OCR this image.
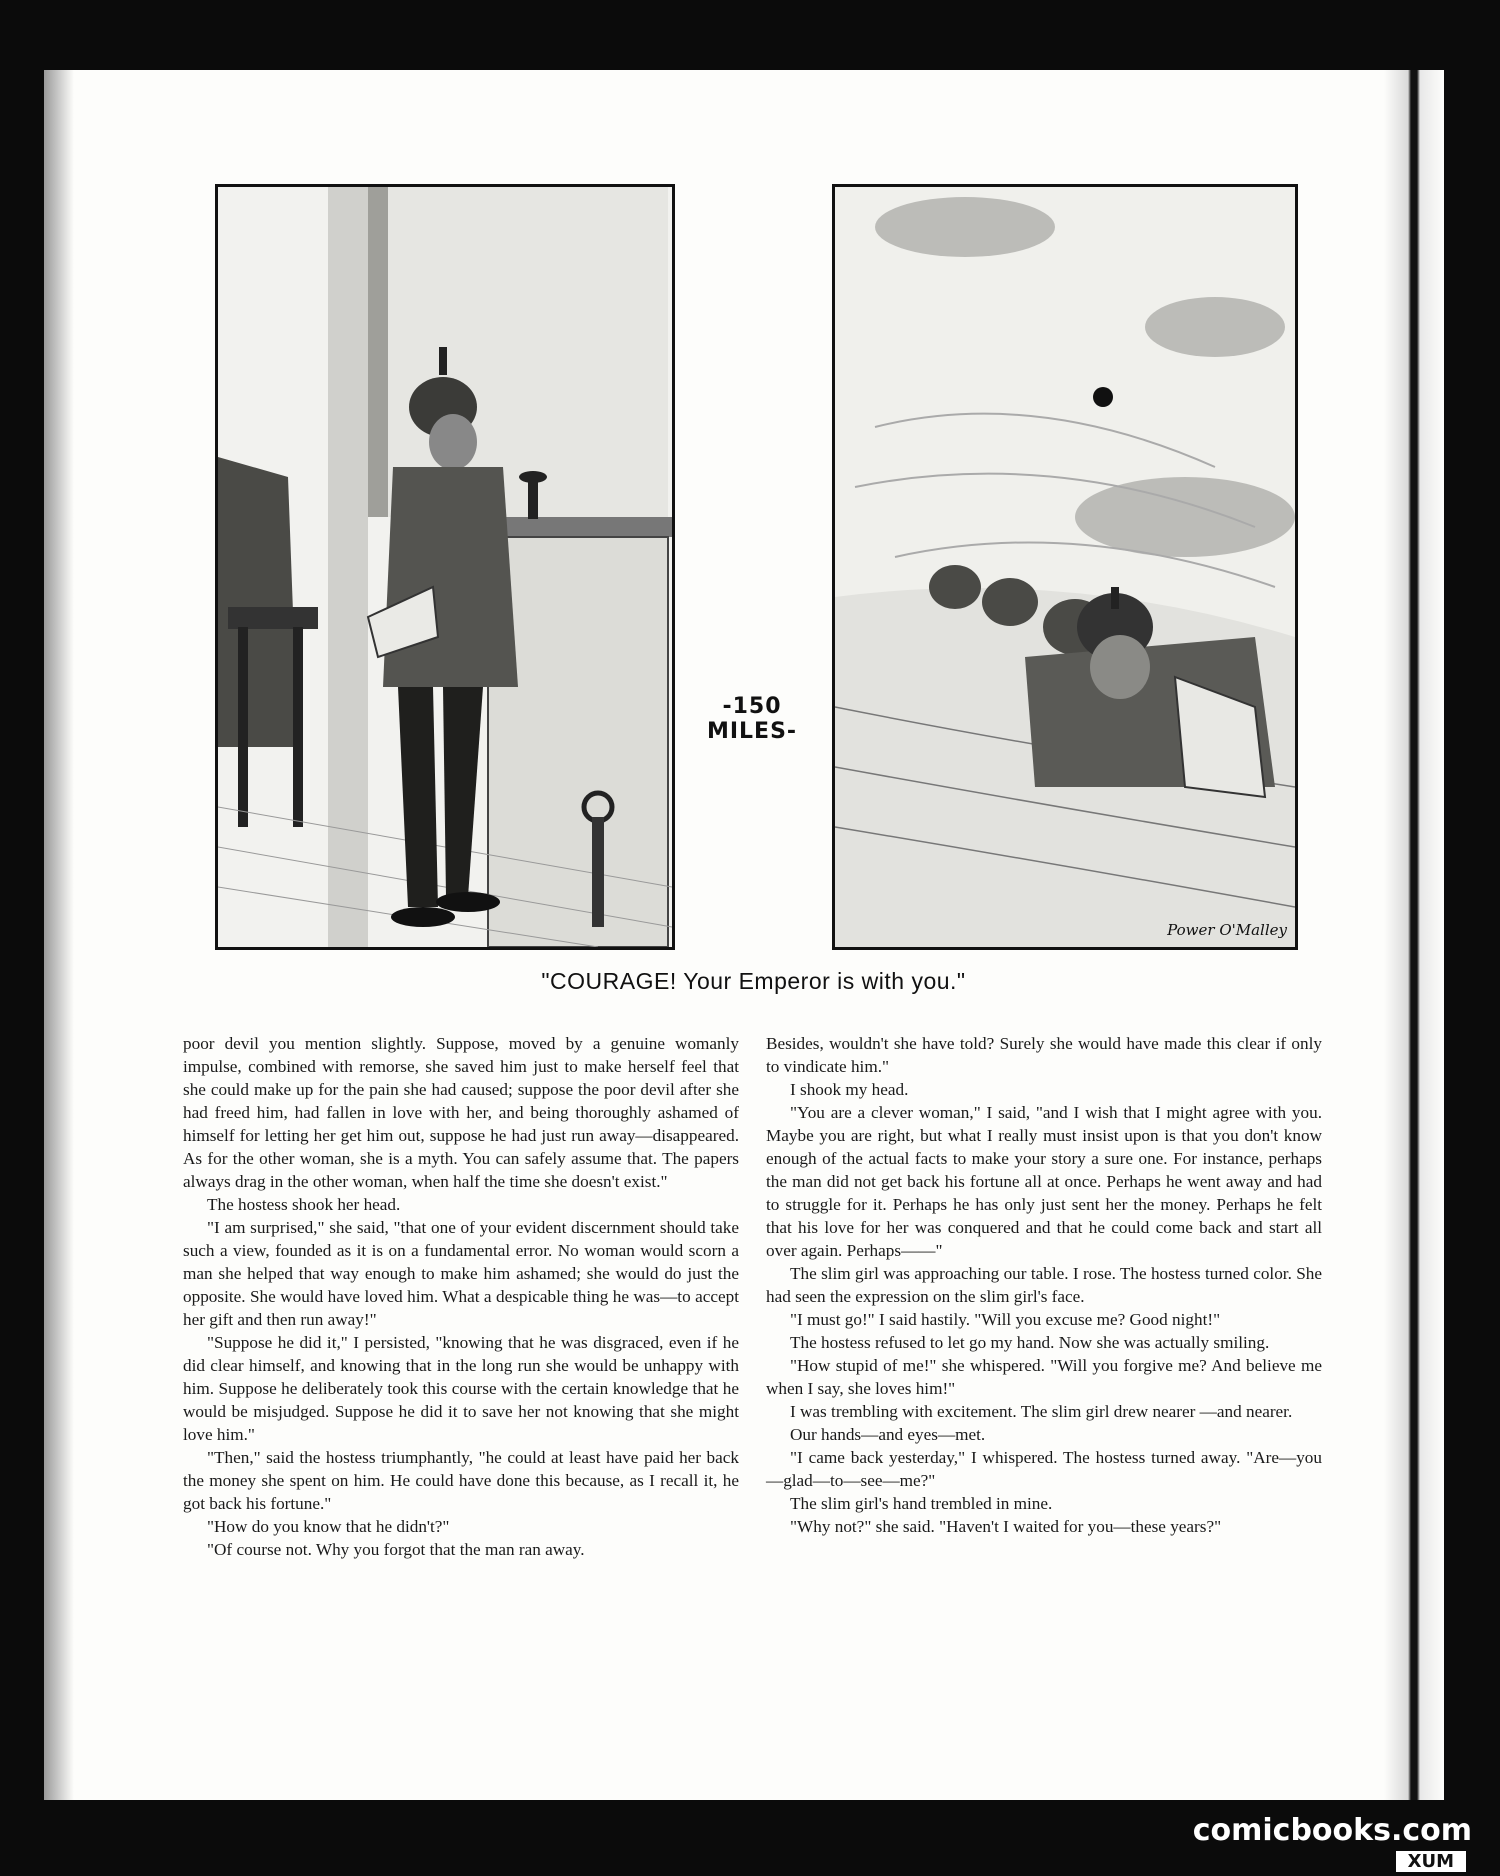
-150 MILES-
Power O'Malley
"COURAGE! Your Emperor is with you."

poor devil you mention slightly. Suppose, moved by a genuine womanly impulse, combined with remorse, she saved him just to make herself feel that she could make up for the pain she had caused; suppose the poor devil after she had freed him, had fallen in love with her, and being thoroughly ashamed of himself for letting her get him out, suppose he had just run away—disappeared. As for the other woman, she is a myth. You can safely assume that. The papers always drag in the other woman, when half the time she doesn't exist."

The hostess shook her head.

"I am surprised," she said, "that one of your evident discernment should take such a view, founded as it is on a fundamental error. No woman would scorn a man she helped that way enough to make him ashamed; she would do just the opposite. She would have loved him. What a despicable thing he was—to accept her gift and then run away!"

"Suppose he did it," I persisted, "knowing that he was disgraced, even if he did clear himself, and knowing that in the long run she would be unhappy with him. Suppose he deliberately took this course with the certain knowledge that he would be misjudged. Suppose he did it to save her not knowing that she might love him."

"Then," said the hostess triumphantly, "he could at least have paid her back the money she spent on him. He could have done this because, as I recall it, he got back his fortune."

"How do you know that he didn't?"

"Of course not. Why you forgot that the man ran away.

Besides, wouldn't she have told? Surely she would have made this clear if only to vindicate him."

I shook my head.

"You are a clever woman," I said, "and I wish that I might agree with you. Maybe you are right, but what I really must insist upon is that you don't know enough of the actual facts to make your story a sure one. For instance, perhaps the man did not get back his fortune all at once. Perhaps he went away and had to struggle for it. Perhaps he has only just sent her the money. Perhaps he felt that his love for her was conquered and that he could come back and start all over again. Perhaps——"

The slim girl was approaching our table. I rose. The hostess turned color. She had seen the expression on the slim girl's face.

"I must go!" I said hastily. "Will you excuse me? Good night!"

The hostess refused to let go my hand. Now she was actually smiling.

"How stupid of me!" she whispered. "Will you forgive me? And believe me when I say, she loves him!"

I was trembling with excitement. The slim girl drew nearer —and nearer.

Our hands—and eyes—met.

"I came back yesterday," I whispered. The hostess turned away. "Are—you—glad—to—see—me?"

The slim girl's hand trembled in mine.

"Why not?" she said. "Haven't I waited for you—these years?"

comicbooks.com
XUM
